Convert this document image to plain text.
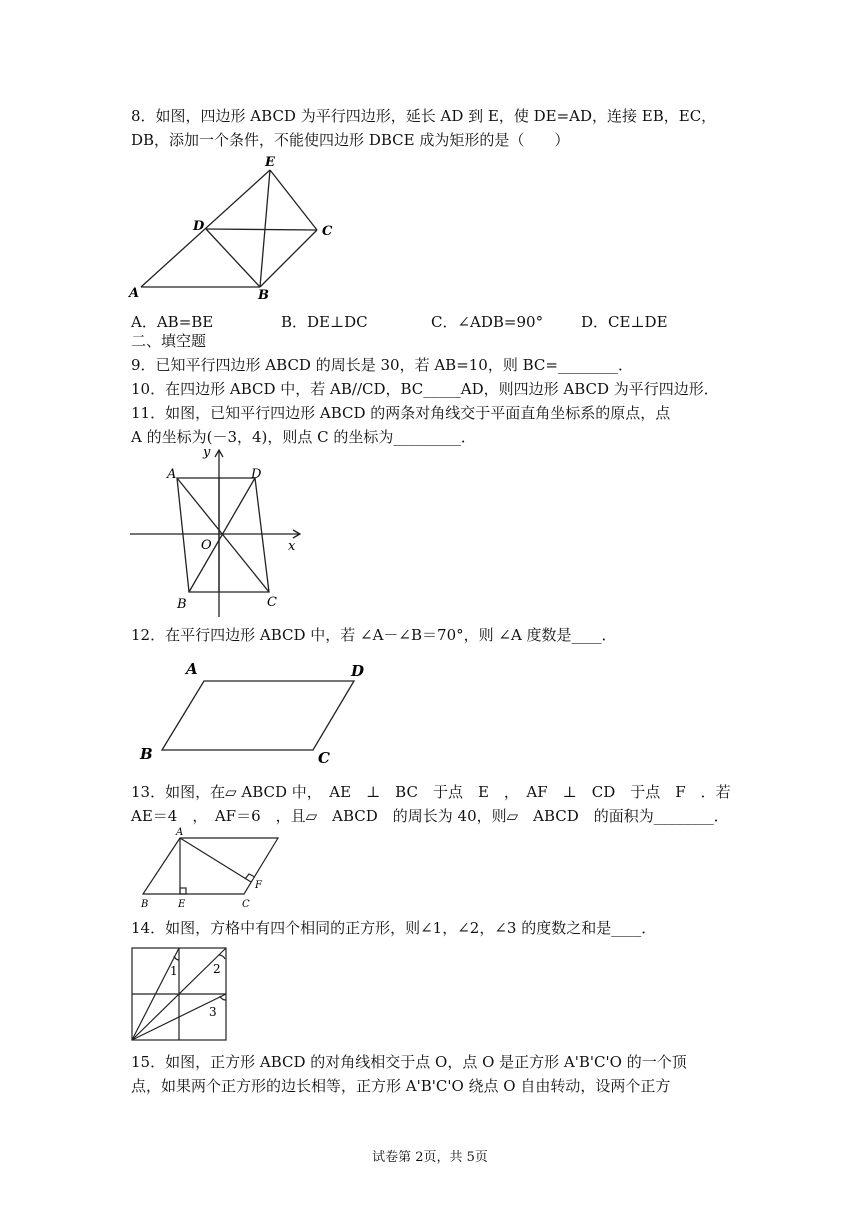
8．如图，四边形 ABCD 为平行四边形，延长 AD 到 E，使 DE=AD，连接 EB，EC，
DB，添加一个条件，不能使四边形 DBCE 成为矩形的是（　　）
E
D	C
A	B
A．AB=BE	B．DE⊥DC	C．∠ADB=90°	D．CE⊥DE
二、填空题
9．已知平行四边形 ABCD 的周长是 30，若 AB=10，则 BC=________．
10．在四边形 ABCD 中，若 AB//CD，BC_____AD，则四边形 ABCD 为平行四边形．
11．如图，已知平行四边形 ABCD 的两条对角线交于平面直角坐标系的原点，点
A 的坐标为(－3，4)，则点 C 的坐标为_________．
y
x
O
A	D
B	C
12．在平行四边形 ABCD 中，若 ∠A－∠B＝70°，则 ∠A 度数是____．
A	D
B	C
13．如图，在▱ ABCD 中，　AE　⊥　BC　于点　E　，　AF　⊥　CD　于点　F　．若
AE＝4　，　AF＝6　，且▱　ABCD　的周长为 40，则▱　ABCD　的面积为________．
A
B	E	C
F
14．如图，方格中有四个相同的正方形，则∠1，∠2，∠3 的度数之和是____．
1	2
3
15．如图，正方形 ABCD 的对角线相交于点 O，点 O 是正方形 A'B'C'O 的一个顶
点，如果两个正方形的边长相等，正方形 A'B'C'O 绕点 O 自由转动，设两个正方
试卷第 2页，共 5页
